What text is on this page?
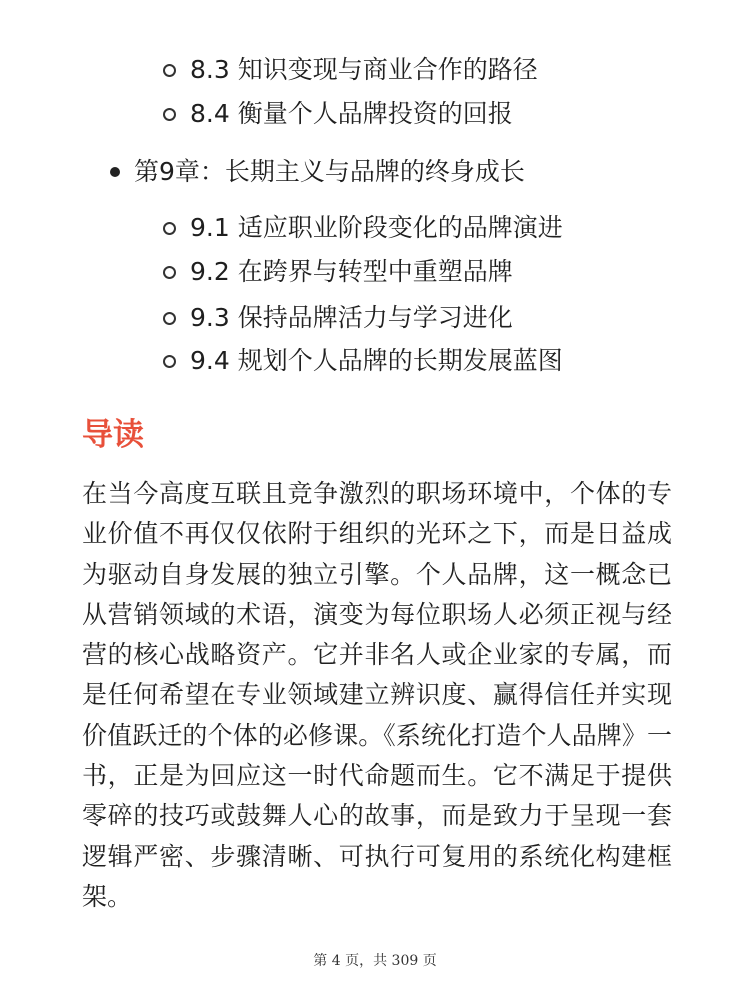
8.3 知识变现与商业合作的路径
8.4 衡量个人品牌投资的回报
第9章：长期主义与品牌的终身成长
9.1 适应职业阶段变化的品牌演进
9.2 在跨界与转型中重塑品牌
9.3 保持品牌活力与学习进化
9.4 规划个人品牌的长期发展蓝图
导读
在当今高度互联且竞争激烈的职场环境中，个体的专业价值不再仅仅依附于组织的光环之下，而是日益成为驱动自身发展的独立引擎。个人品牌，这一概念已从营销领域的术语，演变为每位职场人必须正视与经营的核心战略资产。它并非名人或企业家的专属，而是任何希望在专业领域建立辨识度、赢得信任并实现价值跃迁的个体的必修课。《系统化打造个人品牌》一书，正是为回应这一时代命题而生。它不满足于提供零碎的技巧或鼓舞人心的故事，而是致力于呈现一套逻辑严密、步骤清晰、可执行可复用的系统化构建框架。
第 4 页，共 309 页
